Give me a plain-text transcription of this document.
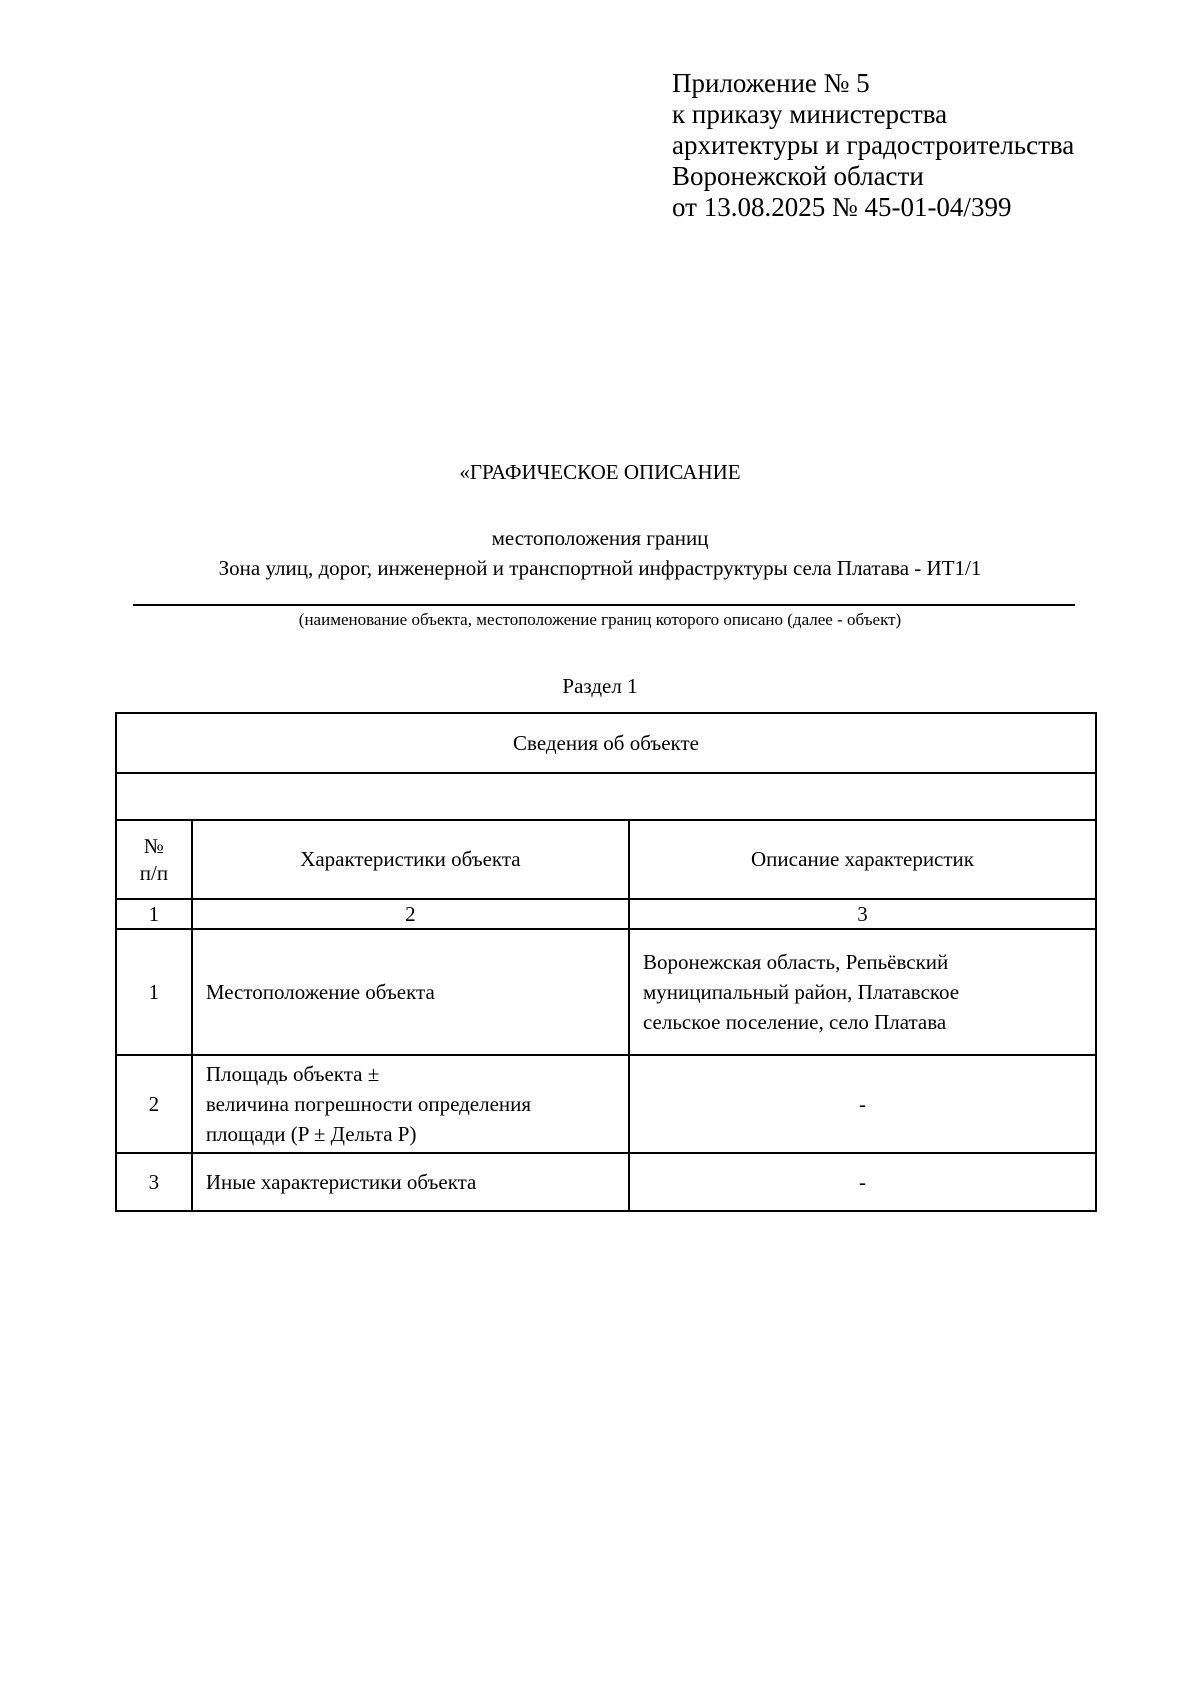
Приложение № 5
к приказу министерства
архитектуры и градостроительства
Воронежской области
от 13.08.2025 № 45-01-04/399
«ГРАФИЧЕСКОЕ ОПИСАНИЕ
местоположения границ
Зона улиц, дорог, инженерной и транспортной инфраструктуры села Платава - ИТ1/1
(наименование объекта, местоположение границ которого описано (далее - объект)
Раздел 1
Сведения об объекте		

№
п/п	Характеристики объекта	Описание характеристик
1	2	3
1	Местоположение объекта	Воронежская область, Репьёвский
муниципальный район, Платавское
сельское поселение, село Платава

2	Площадь объекта ±
величина погрешности определения
площади (P ± Дельта P)	-

3	Иные характеристики объекта	-
